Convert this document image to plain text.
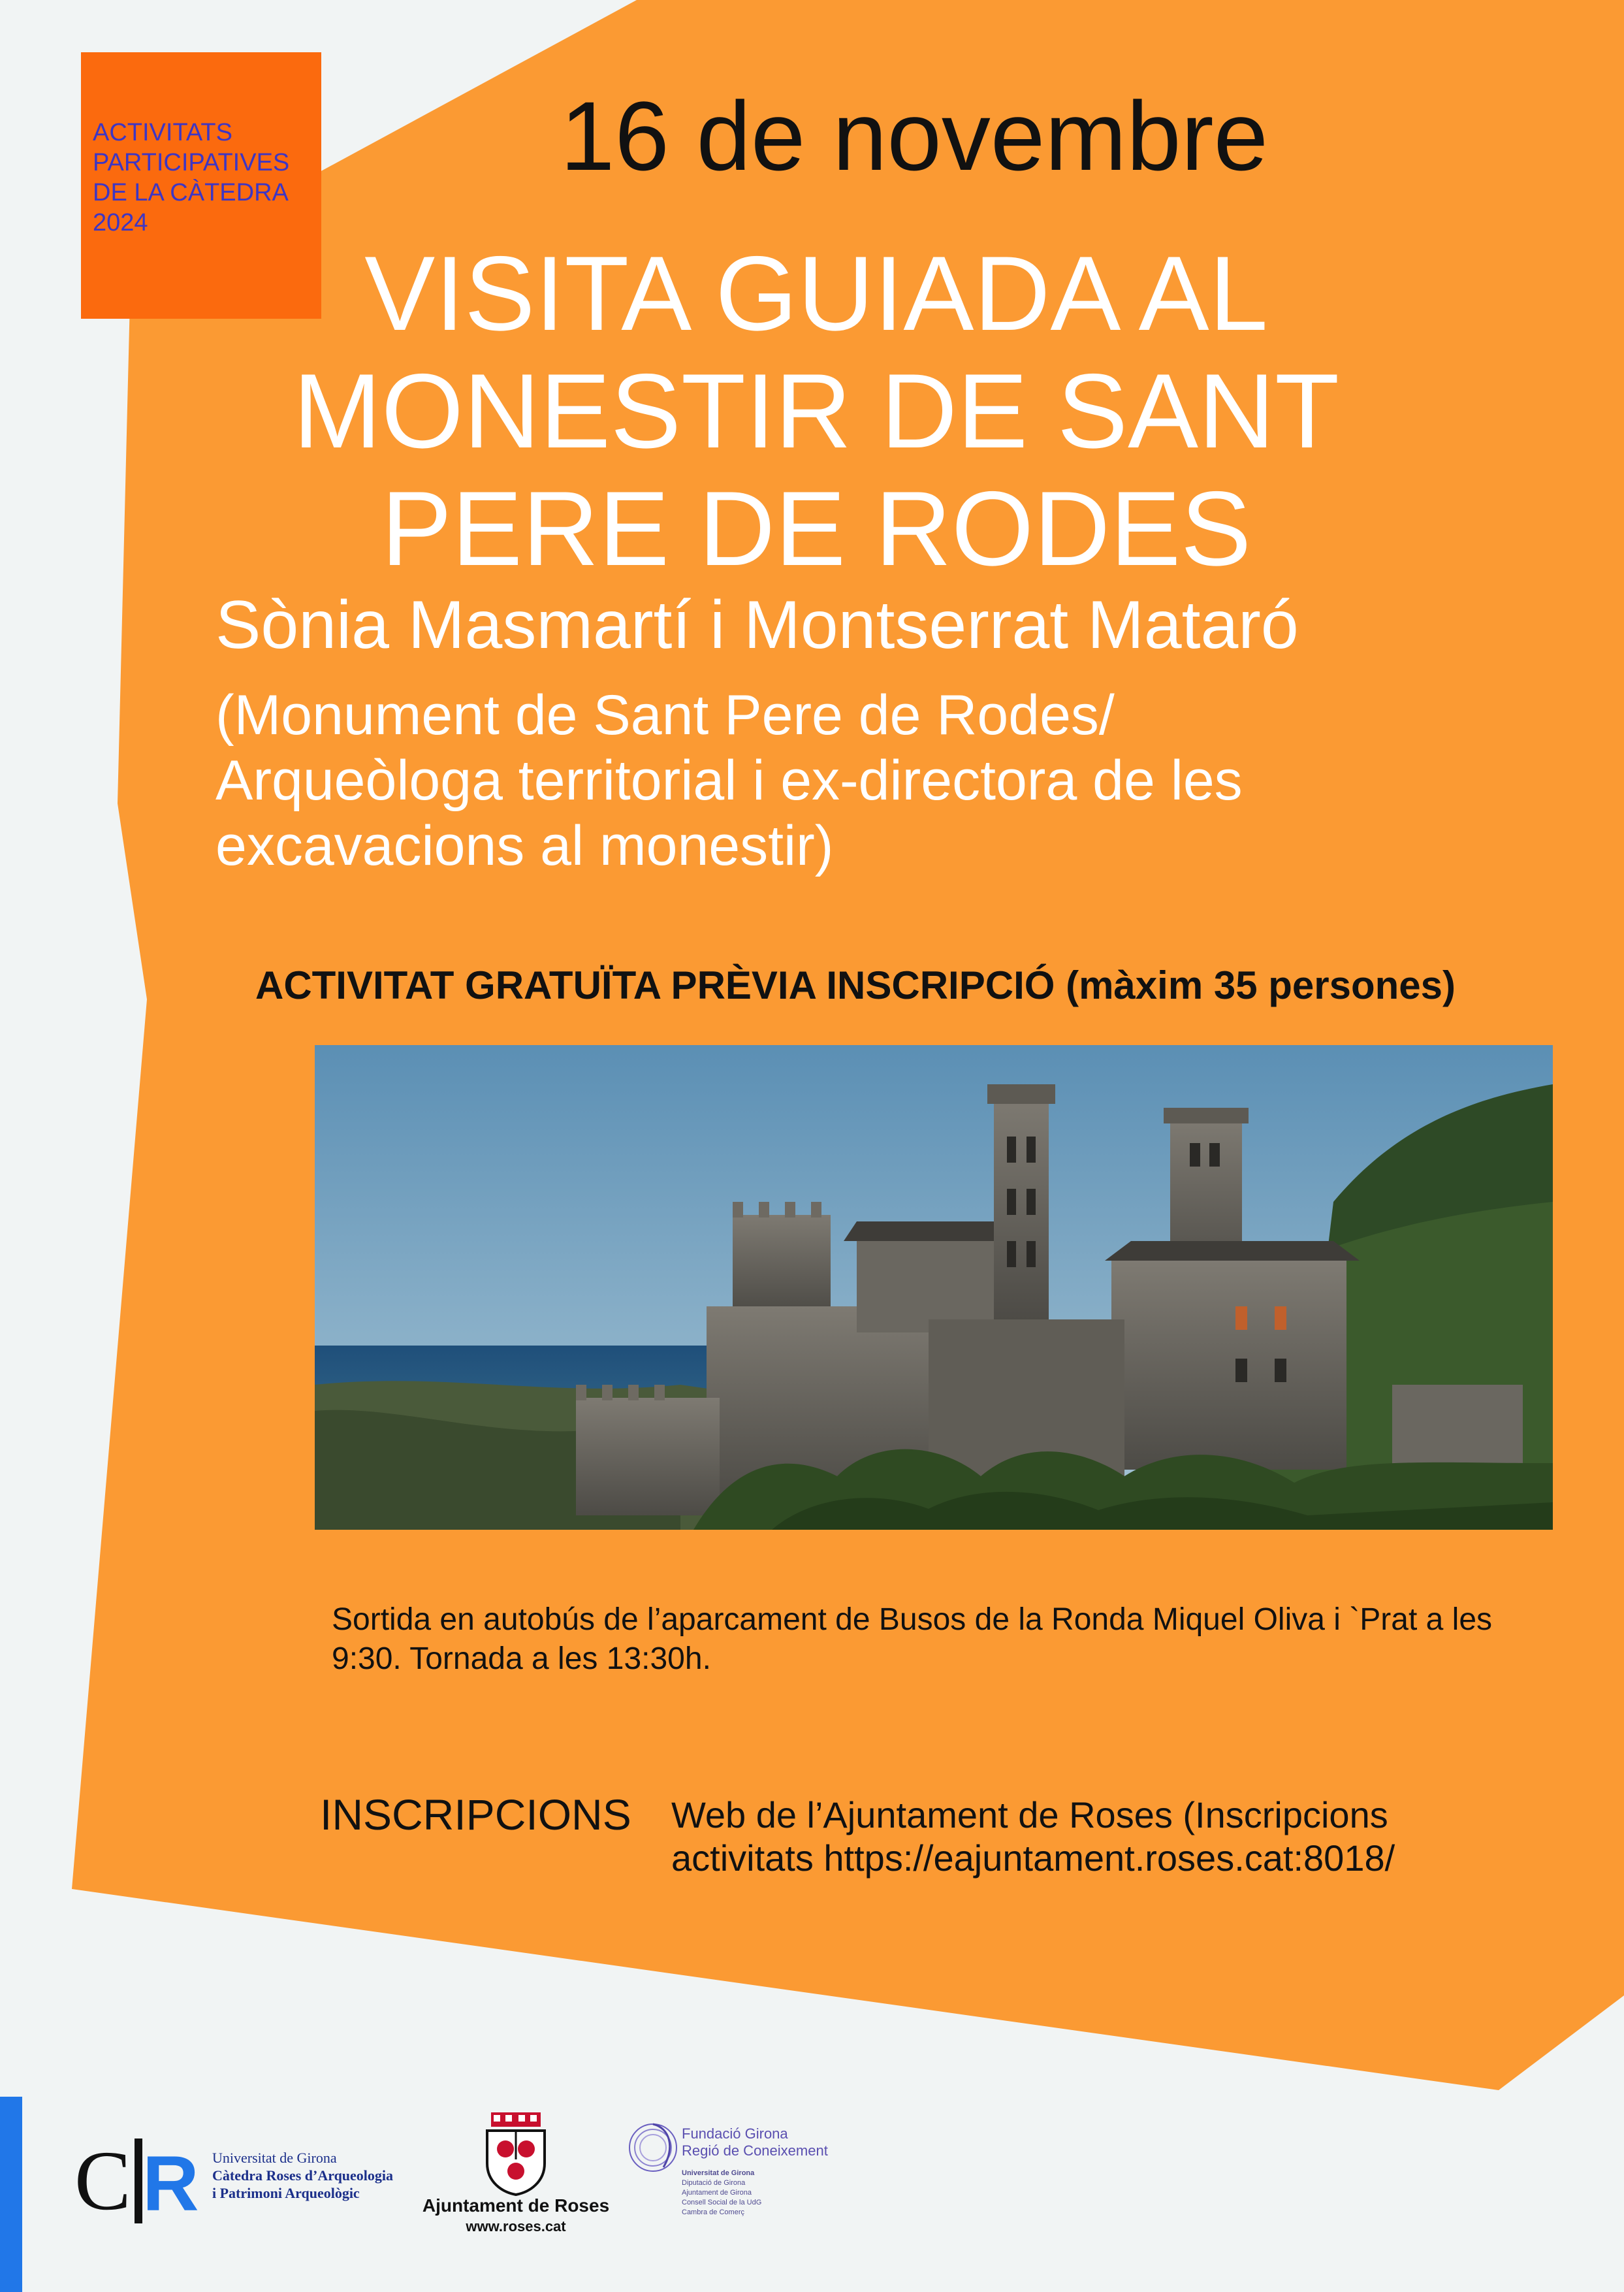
ACTIVITATS
PARTICIPATIVES
DE LA CÀTEDRA
2024
16 de novembre
VISITA GUIADA AL
MONESTIR DE SANT
PERE DE RODES
Sònia Masmartí i Montserrat Mataró
(Monument de Sant Pere de Rodes/
Arqueòloga territorial i ex-directora de les
excavacions al monestir)
ACTIVITAT GRATUÏTA PRÈVIA INSCRIPCIÓ (màxim 35 persones)
Sortida en autobús de l’aparcament de Busos de la Ronda Miquel Oliva i `Prat a les
9:30. Tornada a les 13:30h.
INSCRIPCIONS Web de l’Ajuntament de Roses (Inscripcions
activitats https://eajuntament.roses.cat:8018/
C R Universitat de Girona
Càtedra Roses d’Arqueologia
i Patrimoni Arqueològic
Ajuntament de Roses
www.roses.cat
Fundació Girona
Regió de Coneixement
Universitat de Girona
Diputació de Girona
Ajuntament de Girona
Consell Social de la UdG
Cambra de Comerç
